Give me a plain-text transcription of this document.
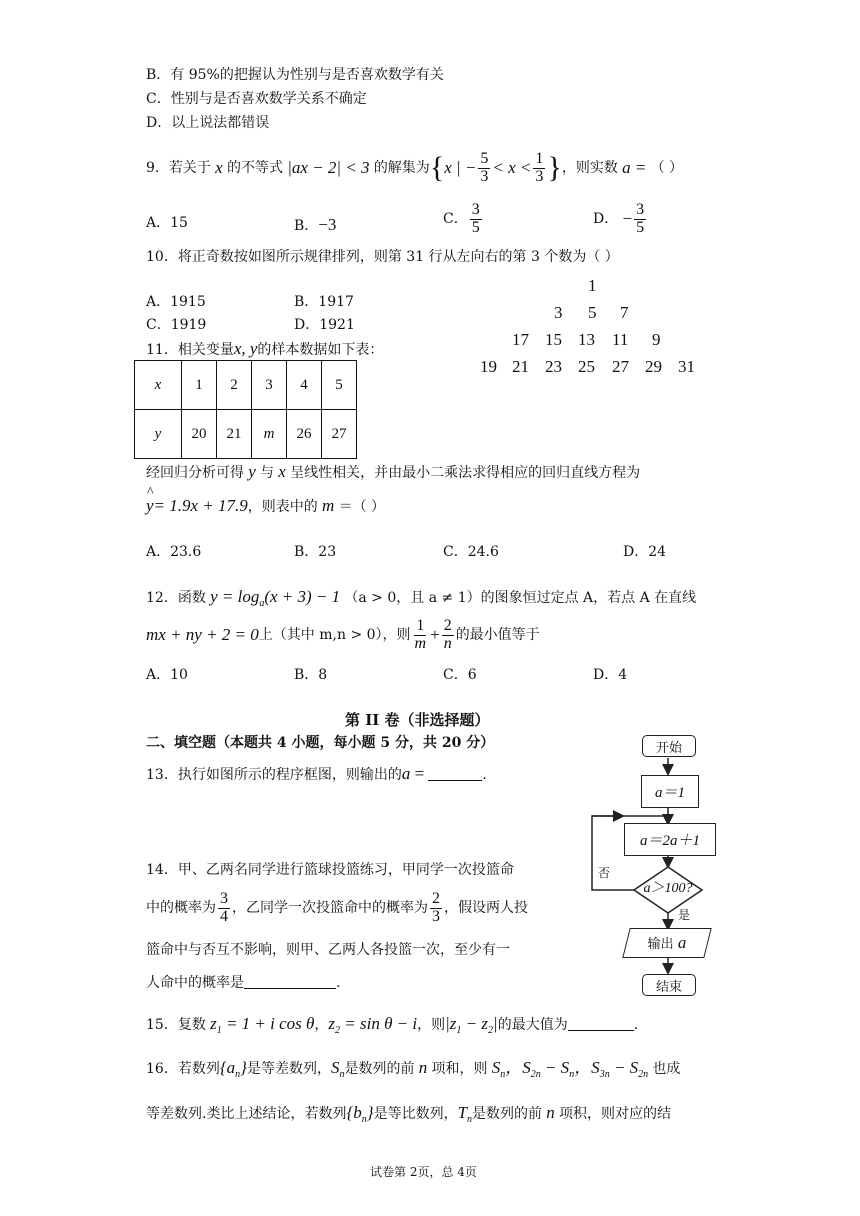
B．有 95%的把握认为性别与是否喜欢数学有关
C．性别与是否喜欢数学关系不确定
D．以上说法都错误
9．若关于 x 的不等式 |ax − 2| < 3 的解集为 { x | − $\frac{5}{3} < x < \frac{1}{3}$ } ，则实数 a = （ ）
A．15	B．−3	C． $\frac{3}{5}$	D． − $\frac{3}{5}$
10．将正奇数按如图所示规律排列，则第 31 行从左向右的第 3 个数为（ ）
A．1915	B．1917
C．1919	D．1921
1
3 5 7
17 15 13 11 9
19 21 23 25 27 29 31
11．相关变量x, y的样本数据如下表：
x	1	2	3	4	5
y	20	21	m	26	27
经回归分析可得 y 与 x 呈线性相关，并由最小二乘法求得相应的回归直线方程为
^
y= 1.9x + 17.9，则表中的 m ＝（ ）
A．23.6	B．23	C．24.6	D．24
12．函数 $y = \log_a(x + 3) - 1$ （a > 0，且 a ≠ 1）的图象恒过定点 A，若点 A 在直线
mx + ny + 2 = 0 上（其中 m,n > 0），则 $\frac{1}{m} + \frac{2}{n}$ 的最小值等于
A．10	B．8	C．6	D．4
第 II 卷（非选择题）
二、填空题（本题共 4 小题，每小题 5 分，共 20 分）
13．执行如图所示的程序框图，则输出的a =	.
开始
a＝1
a＝2a＋1
a＞100?
否
是
输出 a
结束
14．甲、乙两名同学进行篮球投篮练习，甲同学一次投篮命
中的概率为 $\frac{3}{4}$ ，乙同学一次投篮命中的概率为 $\frac{2}{3}$ ，假设两人投
篮命中与否互不影响，则甲、乙两人各投篮一次，至少有一
人命中的概率是	.
15．复数 $z_1 = 1 + i$ cos θ，$z_2 = \sin \theta - i$，则$|z_1 - z_2|$的最大值为	.
16．若数列$\{a_n\}$是等差数列，$S_n$是数列的前 n 项和，则 $S_n$，$S_{2n} - S_n$，$S_{3n} - S_{2n}$ 也成
等差数列.类比上述结论，若数列$\{b_n\}$是等比数列，$T_n$是数列的前 n 项积，则对应的结
试卷第 2页，总 4页
